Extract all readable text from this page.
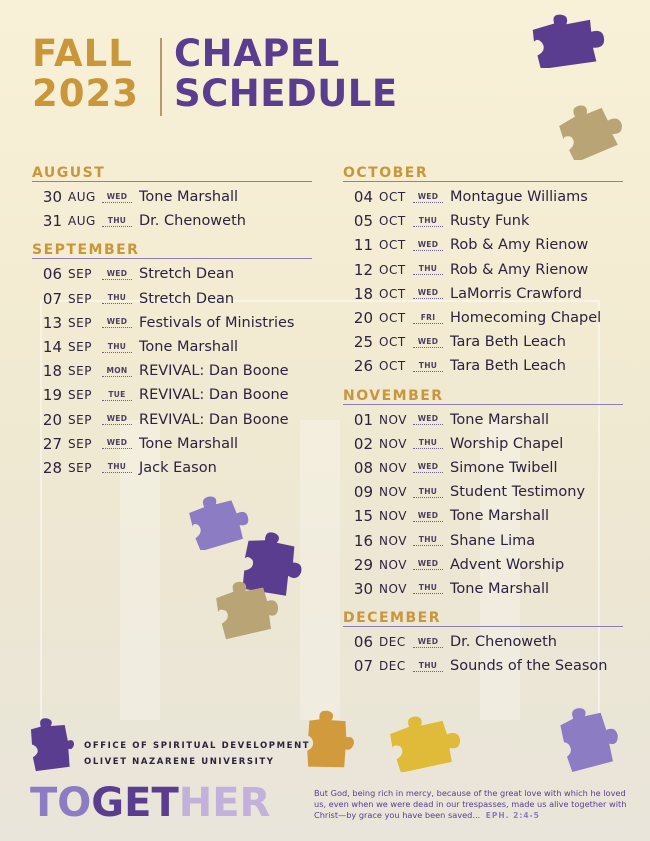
FALL
2023
CHAPEL
SCHEDULE
AUGUST
30 AUG	WED Tone Marshall
31 AUG	THU Dr. Chenoweth
SEPTEMBER
06 SEP	WED Stretch Dean
07 SEP	THU Stretch Dean
13 SEP	WED Festivals of Ministries
14 SEP	THU Tone Marshall
18 SEP	MON REVIVAL: Dan Boone
19 SEP	TUE REVIVAL: Dan Boone
20 SEP	WED REVIVAL: Dan Boone
27 SEP	WED Tone Marshall
28 SEP	THU Jack Eason
OCTOBER
04 OCT	WED Montague Williams
05 OCT	THU Rusty Funk
11 OCT	WED Rob & Amy Rienow
12 OCT	THU Rob & Amy Rienow
18 OCT	WED LaMorris Crawford
20 OCT	FRI	Homecoming Chapel
25 OCT	WED Tara Beth Leach
26 OCT	THU Tara Beth Leach
NOVEMBER
01 NOV	WED Tone Marshall
02 NOV	THU Worship Chapel
08 NOV	WED Simone Twibell
09 NOV	THU Student Testimony
15 NOV	WED Tone Marshall
16 NOV	THU Shane Lima
29 NOV	WED Advent Worship
30 NOV	THU Tone Marshall
DECEMBER
06 DEC	WED Dr. Chenoweth
07 DEC	THU Sounds of the Season
OFFICE OF SPIRITUAL DEVELOPMENT
OLIVET NAZARENE UNIVERSITY
TOGETHER	But God, being rich in mercy, because of the great love with which he loved us, even when we were dead in our trespasses, made us alive together with Christ—by grace you have been saved... EPH. 2:4-5
